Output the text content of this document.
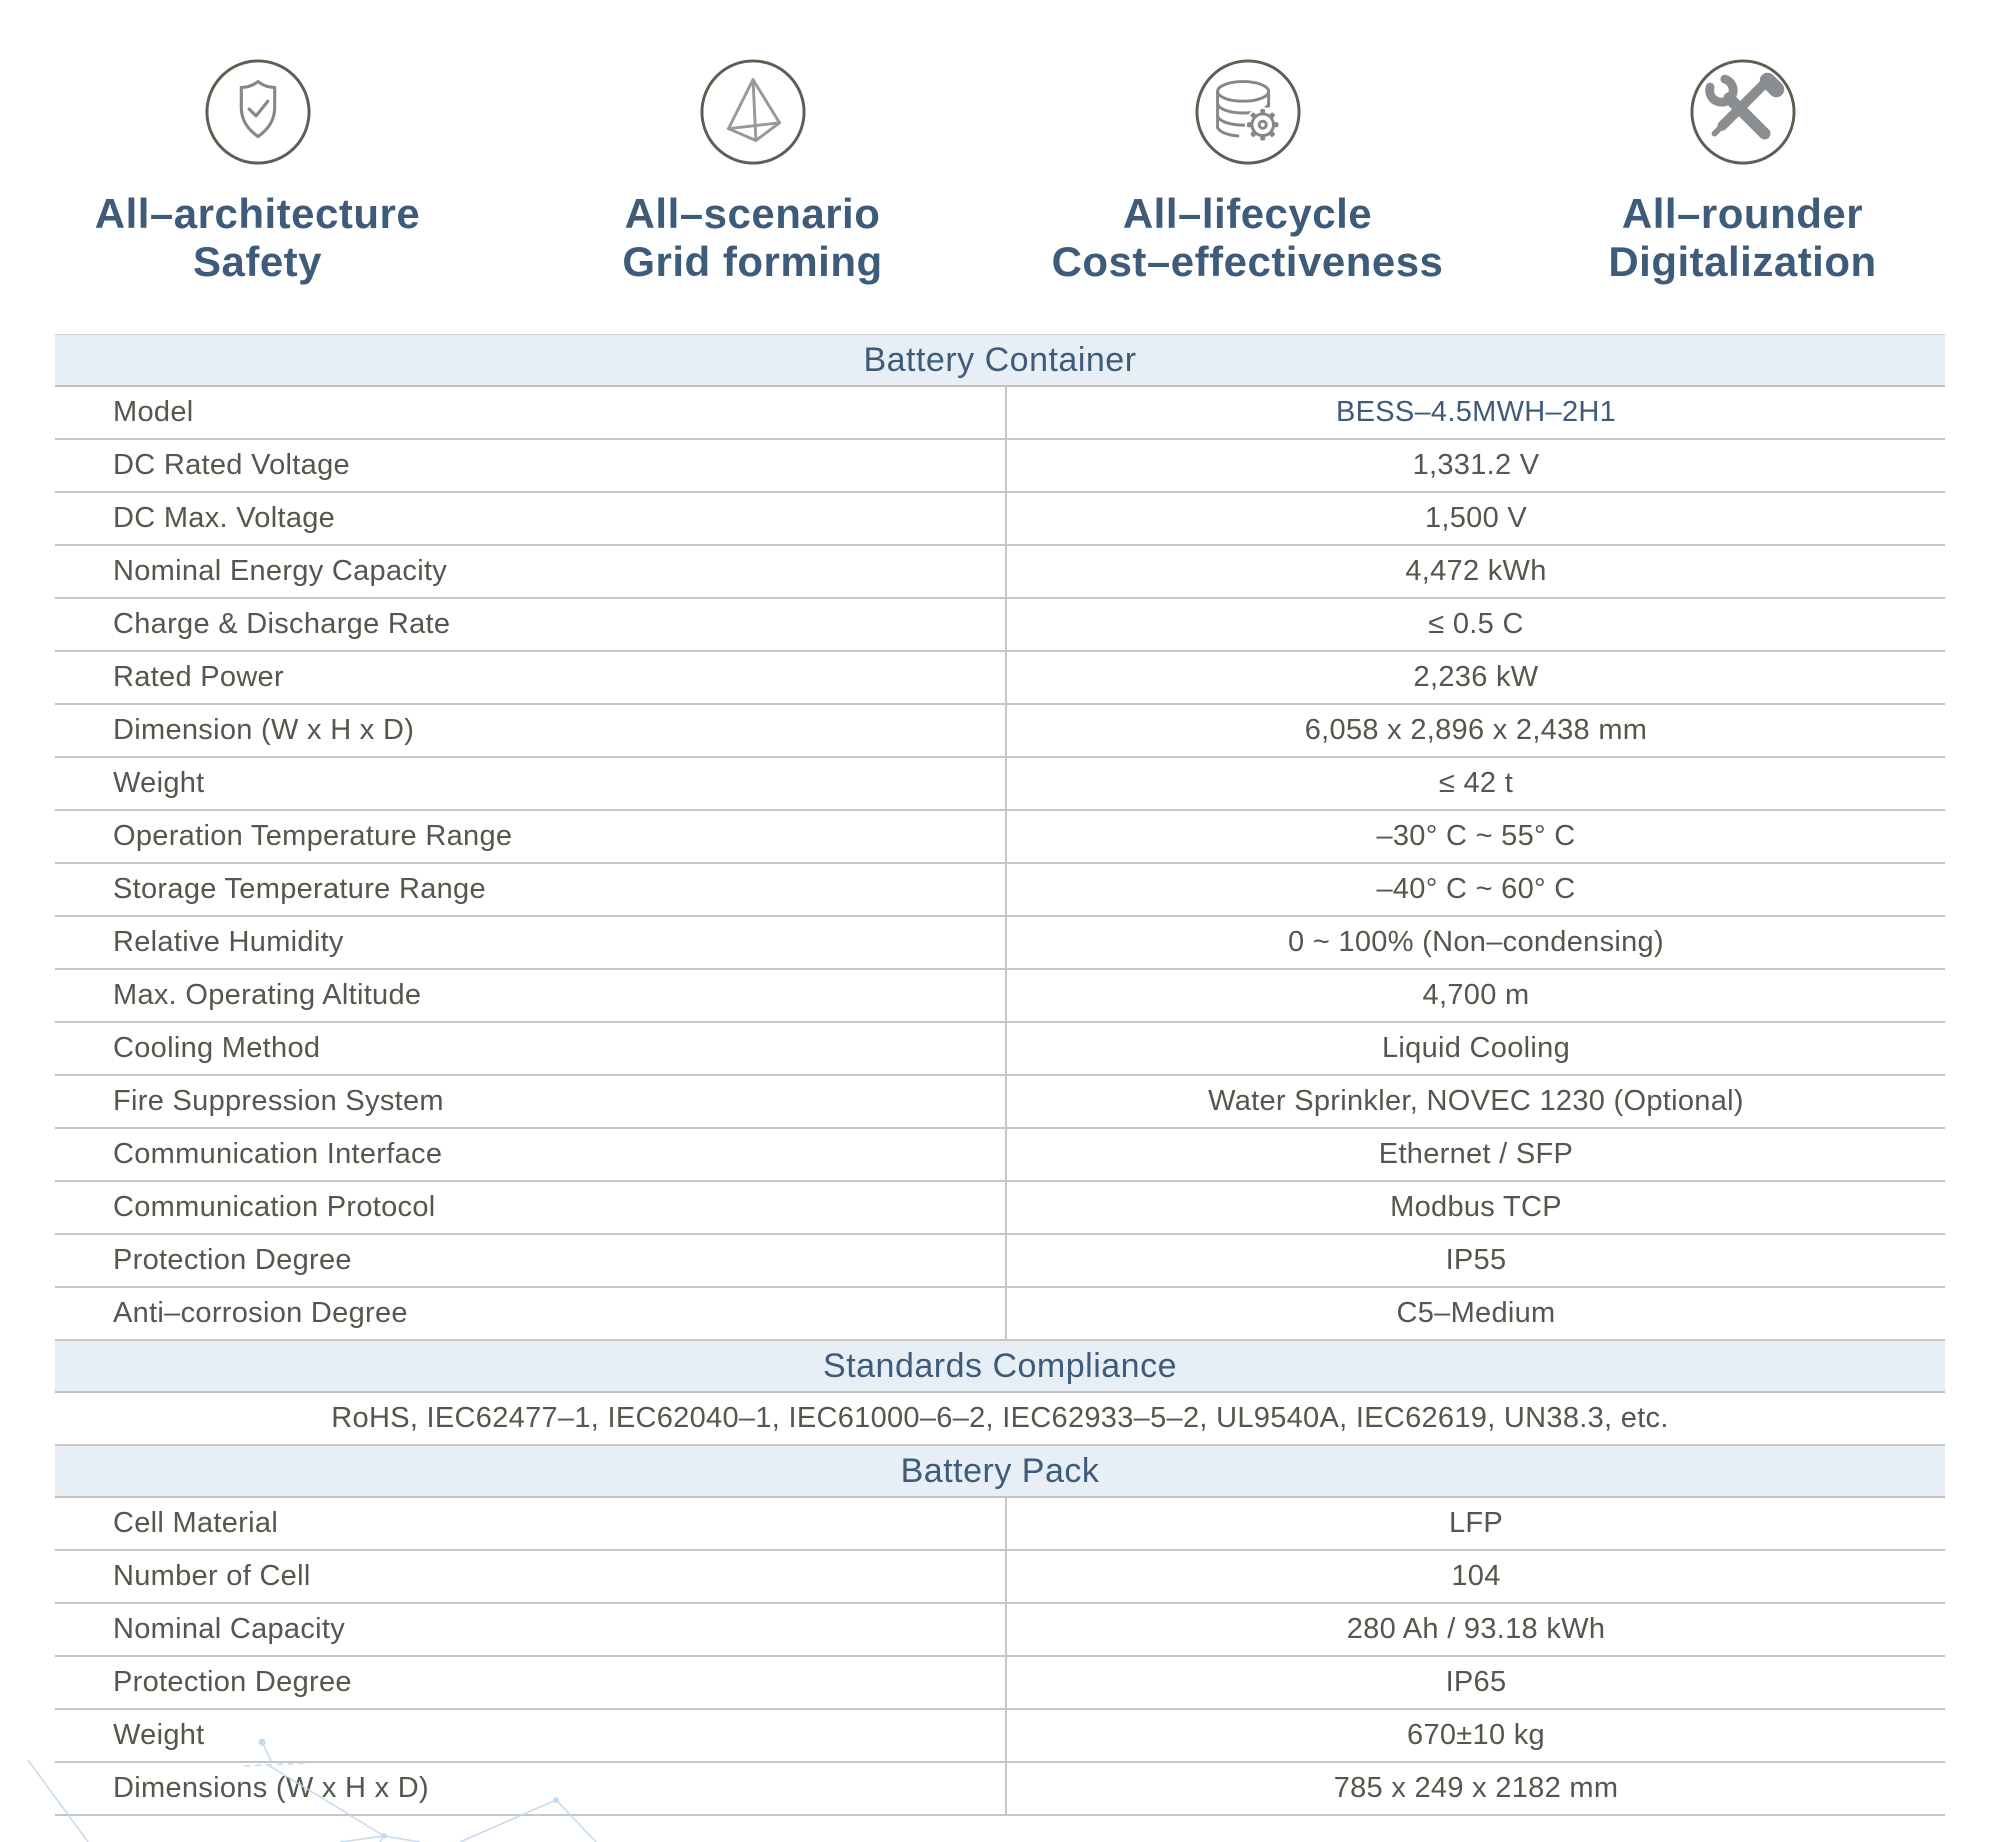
All–architecture
Safety
All–scenario
Grid forming
All–lifecycle
Cost–effectiveness
All–rounder
Digitalization
Battery Container
Model	BESS–4.5MWH–2H1
DC Rated Voltage	1,331.2 V
DC Max. Voltage	1,500 V
Nominal Energy Capacity	4,472 kWh
Charge & Discharge Rate	≤ 0.5 C
Rated Power	2,236 kW
Dimension (W x H x D)	6,058 x 2,896 x 2,438 mm
Weight	≤ 42 t
Operation Temperature Range	–30° C ~ 55° C
Storage Temperature Range	–40° C ~ 60° C
Relative Humidity	0 ~ 100% (Non–condensing)
Max. Operating Altitude	4,700 m
Cooling Method	Liquid Cooling
Fire Suppression System	Water Sprinkler, NOVEC 1230 (Optional)
Communication Interface	Ethernet / SFP
Communication Protocol	Modbus TCP
Protection Degree	IP55
Anti–corrosion Degree	C5–Medium
Standards Compliance
RoHS, IEC62477–1, IEC62040–1, IEC61000–6–2, IEC62933–5–2, UL9540A, IEC62619, UN38.3, etc.
Battery Pack
Cell Material	LFP
Number of Cell	104
Nominal Capacity	280 Ah / 93.18 kWh
Protection Degree	IP65
Weight	670±10 kg
Dimensions (W x H x D)	785 x 249 x 2182 mm
